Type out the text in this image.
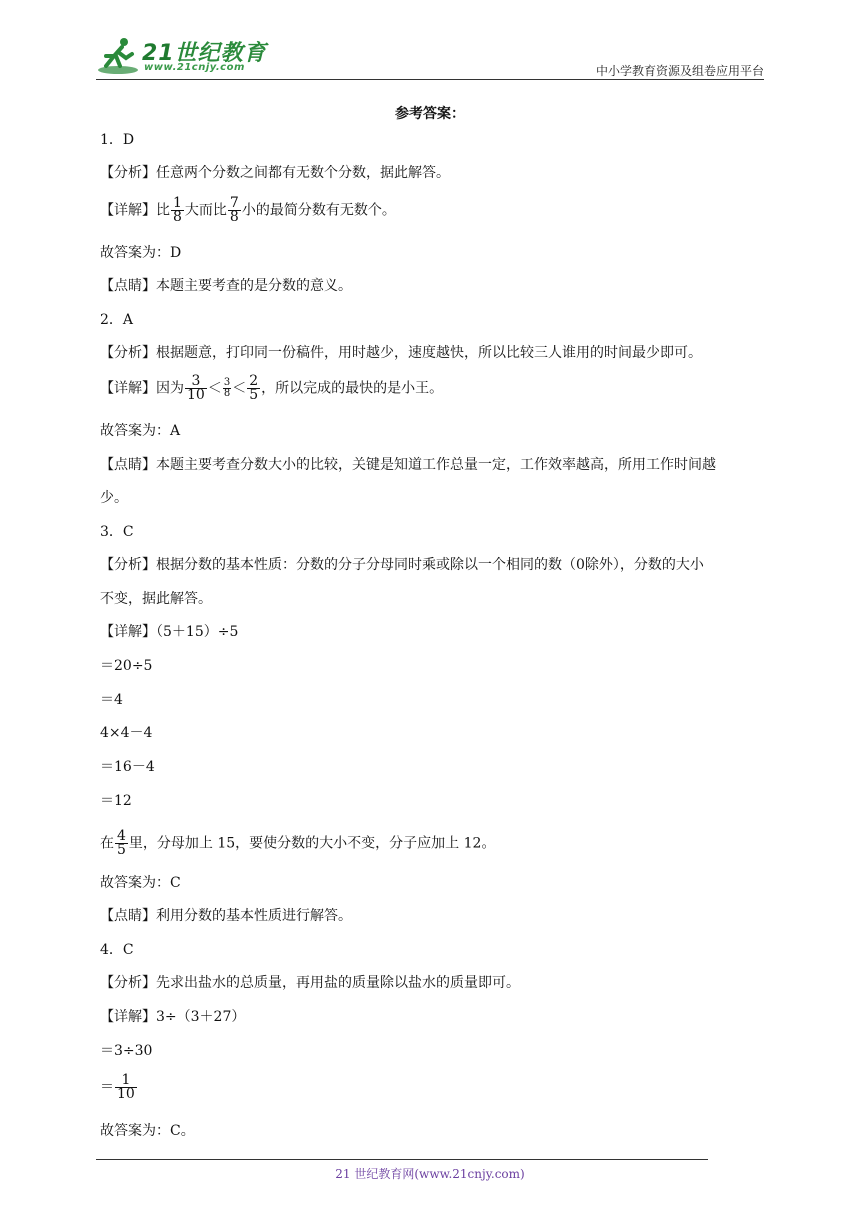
21世纪教育
www.21cnjy.com	中小学教育资源及组卷应用平台
参考答案：
1．D
【分析】任意两个分数之间都有无数个分数，据此解答。
【详解】比 $\frac{1}{8}$ 大而比 $\frac{7}{8}$ 小的最简分数有无数个。
故答案为：D
【点睛】本题主要考查的是分数的意义。
2．A
【分析】根据题意，打印同一份稿件，用时越少，速度越快，所以比较三人谁用的时间最少即可。
【详解】因为 $\frac{3}{10} < \frac{3}{8} < \frac{2}{5}$ ，所以完成的最快的是小王。
故答案为：A
【点睛】本题主要考查分数大小的比较，关键是知道工作总量一定，工作效率越高，所用工作时间越
少。
3．C
【分析】根据分数的基本性质：分数的分子分母同时乘或除以一个相同的数（0除外），分数的大小
不变，据此解答。
【详解】（5＋15）÷5
＝20÷5
＝4
4×4－4
＝16－4
＝12
在 $\frac{4}{5}$ 里，分母加上 15，要使分数的大小不变，分子应加上 12。
故答案为：C
【点睛】利用分数的基本性质进行解答。
4．C
【分析】先求出盐水的总质量，再用盐的质量除以盐水的质量即可。
【详解】3÷（3＋27）
＝3÷30
＝ $\frac{1}{10}$
故答案为：C。
21 世纪教育网(www.21cnjy.com)
